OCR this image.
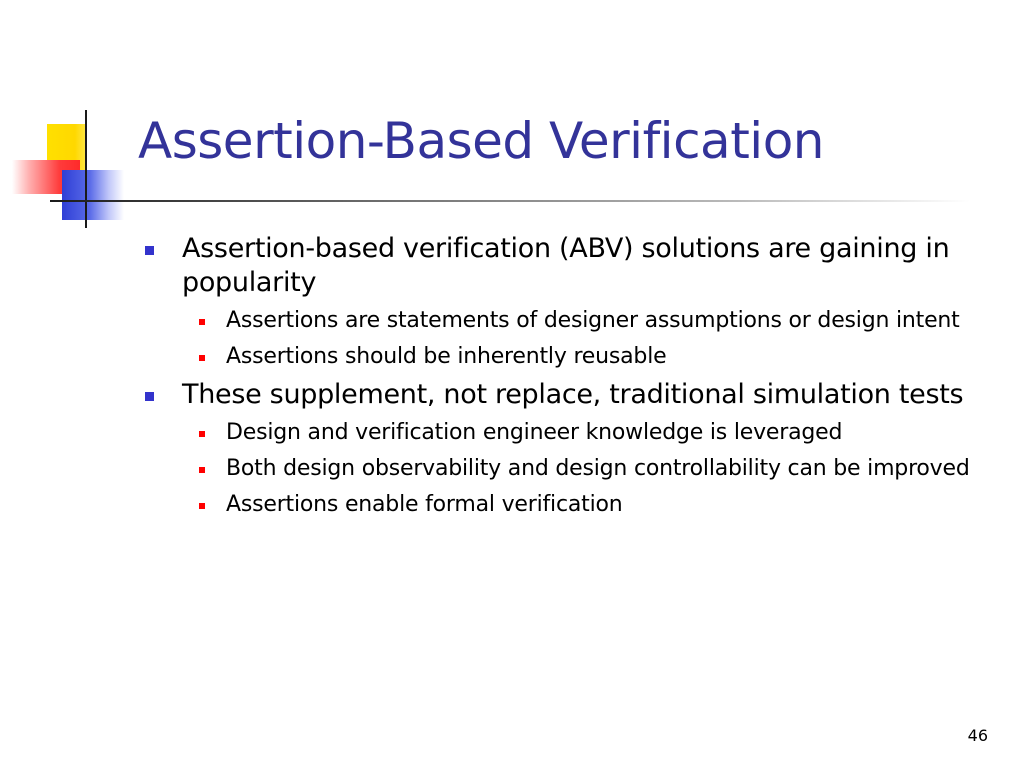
Assertion-Based Verification
Assertion-based verification (ABV) solutions are gaining in popularity
Assertions are statements of designer assumptions or design intent
Assertions should be inherently reusable
These supplement, not replace, traditional simulation tests
Design and verification engineer knowledge is leveraged
Both design observability and design controllability can be improved
Assertions enable formal verification
46
